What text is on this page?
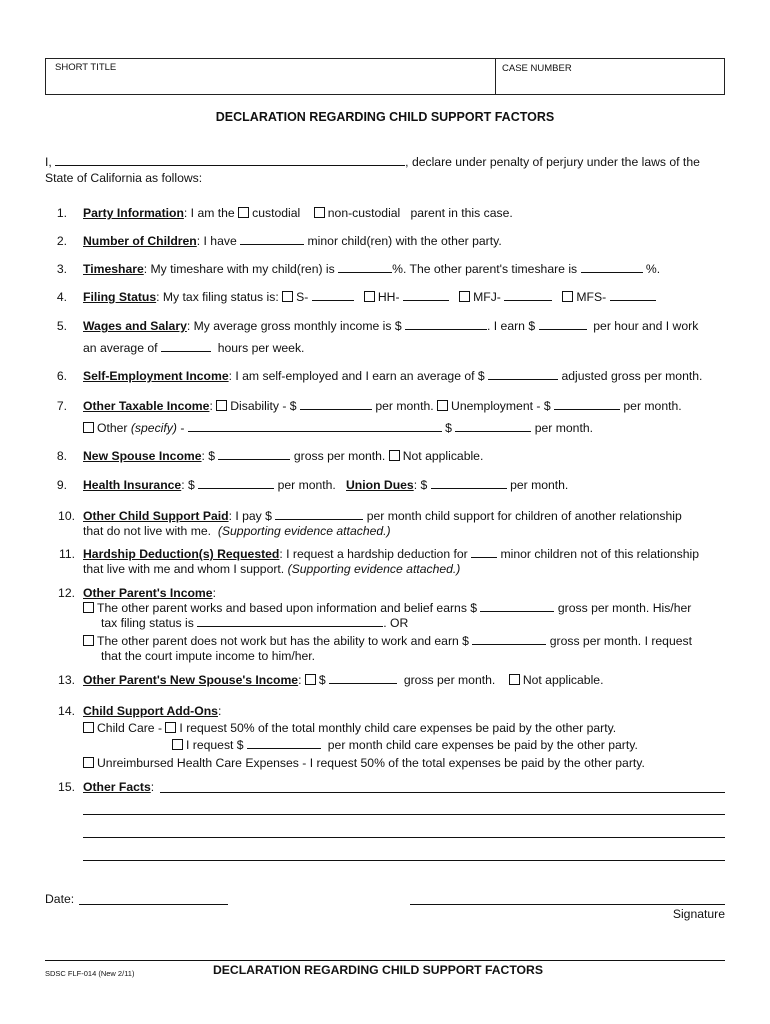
SHORT TITLE	CASE NUMBER
DECLARATION REGARDING CHILD SUPPORT FACTORS
I,	, declare under penalty of perjury under the laws of the
State of California as follows:
1. Party Information: I am the custodial non-custodial parent in this case.
2. Number of Children: I have	minor child(ren) with the other party.
3. Timeshare: My timeshare with my child(ren) is	%. The other parent's timeshare is	%.
4. Filing Status: My tax filing status is: S-	HH-	MFJ-	MFS-
5. Wages and Salary: My average gross monthly income is $	. I earn $	per hour and I work
an average of	hours per week.
6. Self-Employment Income: I am self-employed and I earn an average of $	adjusted gross per month.
7. Other Taxable Income: Disability - $	per month. Unemployment - $	per month.
Other (specify) -	$	per month.
8. New Spouse Income: $	gross per month. Not applicable.
9. Health Insurance: $	per month. Union Dues: $	per month.
10. Other Child Support Paid: I pay $	per month child support for children of another relationship
that do not live with me. (Supporting evidence attached.)
11. Hardship Deduction(s) Requested: I request a hardship deduction for	minor children not of this relationship
that live with me and whom I support. (Supporting evidence attached.)
12. Other Parent's Income:
The other parent works and based upon information and belief earns $	gross per month. His/her
tax filing status is	. OR
The other parent does not work but has the ability to work and earn $	gross per month. I request
that the court impute income to him/her.
13. Other Parent's New Spouse's Income: $	gross per month. Not applicable.
14. Child Support Add-Ons:
Child Care - I request 50% of the total monthly child care expenses be paid by the other party.
I request $	per month child care expenses be paid by the other party.
Unreimbursed Health Care Expenses - I request 50% of the total expenses be paid by the other party.
15. Other Facts:
Date:
Signature
SDSC FLF-014 (New 2/11)	DECLARATION REGARDING CHILD SUPPORT FACTORS
